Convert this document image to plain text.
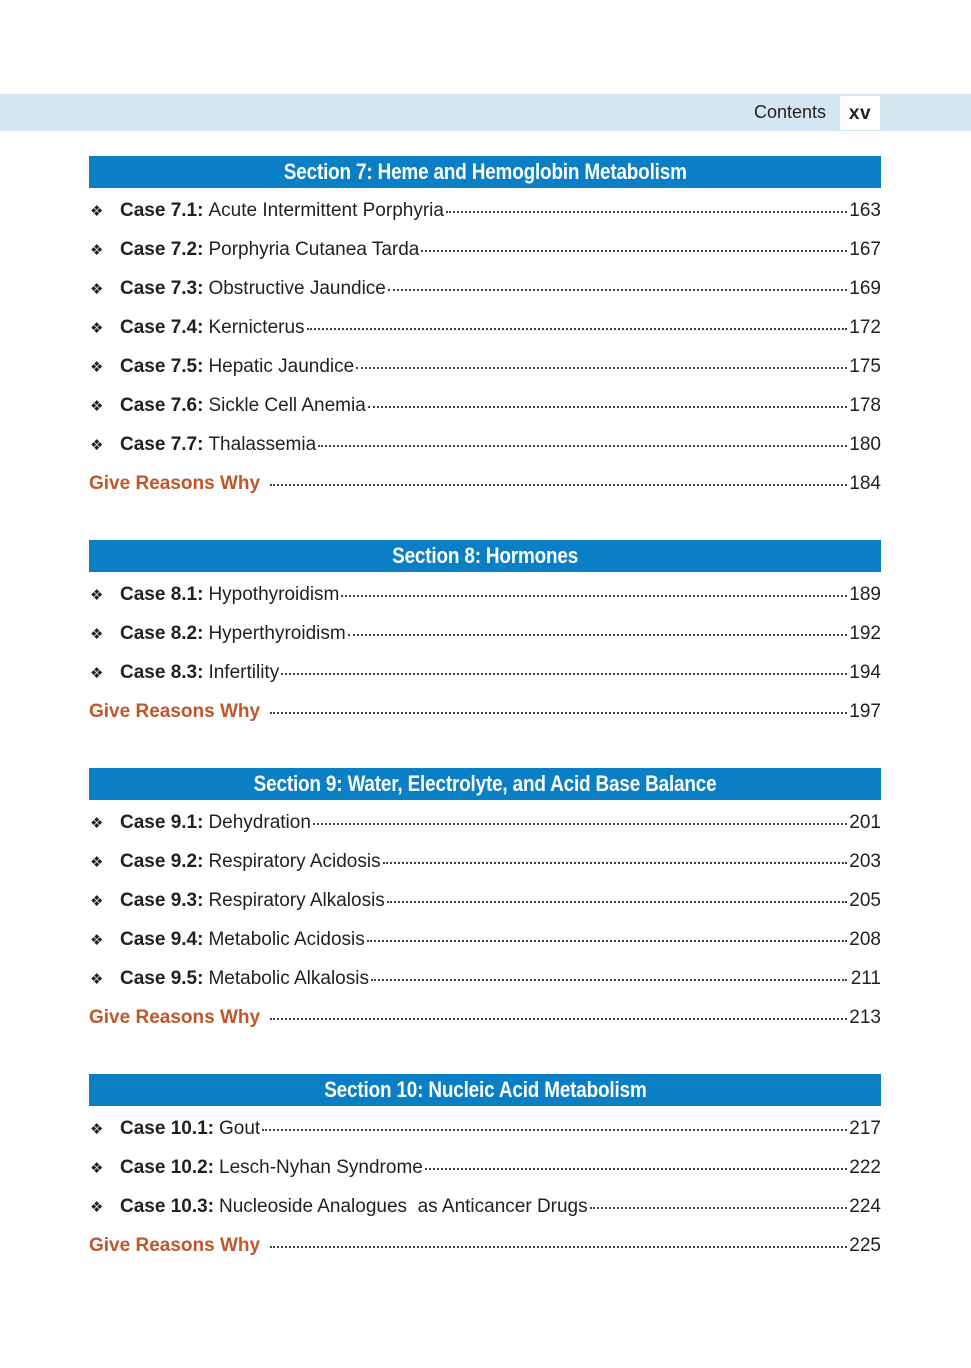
Contents	xv
Section 7: Heme and Hemoglobin Metabolism
❖ Case 7.1: Acute Intermittent Porphyria	163
❖ Case 7.2: Porphyria Cutanea Tarda	167
❖ Case 7.3: Obstructive Jaundice	169
❖ Case 7.4: Kernicterus	172
❖ Case 7.5: Hepatic Jaundice	175
❖ Case 7.6: Sickle Cell Anemia	178
❖ Case 7.7: Thalassemia	180
Give Reasons Why	184
Section 8: Hormones
❖ Case 8.1: Hypothyroidism	189
❖ Case 8.2: Hyperthyroidism	192
❖ Case 8.3: Infertility	194
Give Reasons Why	197
Section 9: Water, Electrolyte, and Acid Base Balance
❖ Case 9.1: Dehydration	201
❖ Case 9.2: Respiratory Acidosis	203
❖ Case 9.3: Respiratory Alkalosis	205
❖ Case 9.4: Metabolic Acidosis	208
❖ Case 9.5: Metabolic Alkalosis	211
Give Reasons Why	213
Section 10: Nucleic Acid Metabolism
❖ Case 10.1: Gout	217
❖ Case 10.2: Lesch-Nyhan Syndrome	222
❖ Case 10.3: Nucleoside Analogues  as Anticancer Drugs	224
Give Reasons Why	225
